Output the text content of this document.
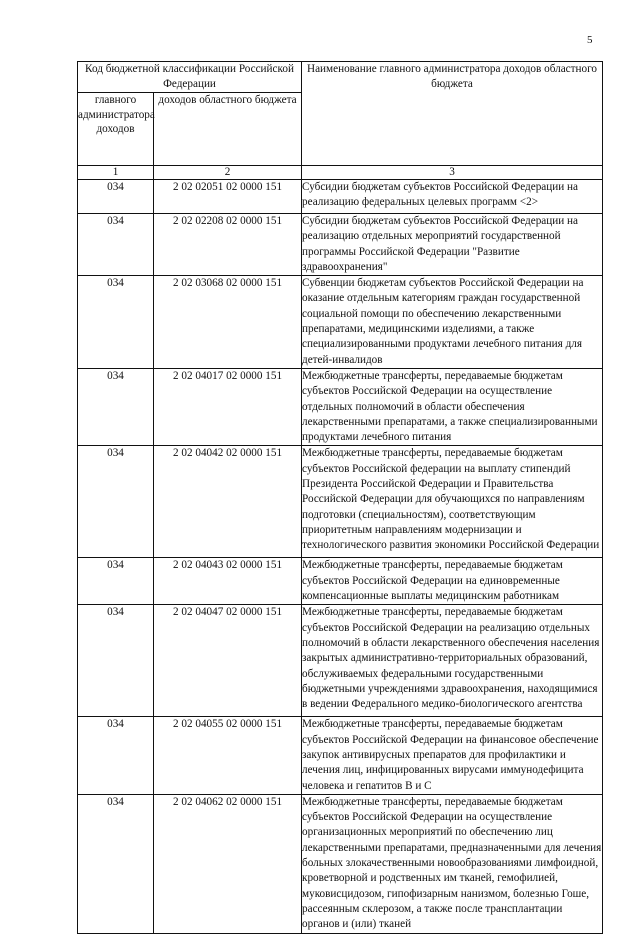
5
Код бюджетной классификации Российской Федерации		Наименование главного администратора доходов областного бюджета
главного администратора доходов	доходов областного бюджета	
1	2	3
034	2 02 02051 02 0000 151	Субсидии бюджетам субъектов Российской Федерации на реализацию федеральных целевых программ <2>
034	2 02 02208 02 0000 151	Субсидии бюджетам субъектов Российской Федерации на реализацию отдельных мероприятий государственной программы Российской Федерации "Развитие здравоохранения"
034	2 02 03068 02 0000 151	Субвенции бюджетам субъектов Российской Федерации на оказание отдельным категориям граждан государственной социальной помощи по обеспечению лекарственными препаратами, медицинскими изделиями, а также специализированными продуктами лечебного питания для детей-инвалидов
034	2 02 04017 02 0000 151	Межбюджетные трансферты, передаваемые бюджетам субъектов Российской Федерации на осуществление отдельных полномочий в области обеспечения лекарственными препаратами, а также специализированными продуктами лечебного питания
034	2 02 04042 02 0000 151	Межбюджетные трансферты, передаваемые бюджетам субъектов Российской федерации на выплату стипендий Президента Российской Федерации и Правительства Российской Федерации для обучающихся по направлениям подготовки (специальностям), соответствующим приоритетным направлениям модернизации и технологического развития экономики Российской Федерации
034	2 02 04043 02 0000 151	Межбюджетные трансферты, передаваемые бюджетам субъектов Российской Федерации на единовременные компенсационные выплаты медицинским работникам
034	2 02 04047 02 0000 151	Межбюджетные трансферты, передаваемые бюджетам субъектов Российской Федерации на реализацию отдельных полномочий в области лекарственного обеспечения населения закрытых административно-территориальных образований, обслуживаемых федеральными государственными бюджетными учреждениями здравоохранения, находящимися в ведении Федерального медико-биологического агентства
034	2 02 04055 02 0000 151	Межбюджетные трансферты, передаваемые бюджетам субъектов Российской Федерации на финансовое обеспечение закупок антивирусных препаратов для профилактики и лечения лиц, инфицированных вирусами иммунодефицита человека и гепатитов В и С
034	2 02 04062 02 0000 151	Межбюджетные трансферты, передаваемые бюджетам субъектов Российской Федерации на осуществление организационных мероприятий по обеспечению лиц лекарственными препаратами, предназначенными для лечения больных злокачественными новообразованиями лимфоидной, кроветворной и родственных им тканей, гемофилией, муковисцидозом, гипофизарным нанизмом, болезнью Гоше, рассеянным склерозом, а также после трансплантации органов и (или) тканей
